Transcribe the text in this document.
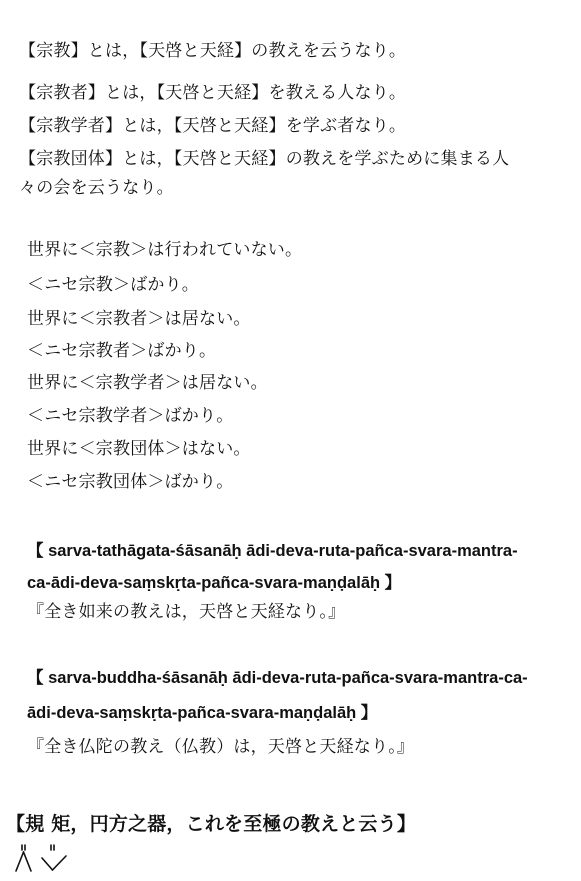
【宗教】とは，【天啓と天経】の教えを云うなり。
【宗教者】とは，【天啓と天経】を教える人なり。
【宗教学者】とは，【天啓と天経】を学ぶ者なり。
【宗教団体】とは，【天啓と天経】の教えを学ぶために集まる人
々の会を云うなり。
世界に＜宗教＞は行われていない。
＜ニセ宗教＞ばかり。
世界に＜宗教者＞は居ない。
＜ニセ宗教者＞ばかり。
世界に＜宗教学者＞は居ない。
＜ニセ宗教学者＞ばかり。
世界に＜宗教団体＞はない。
＜ニセ宗教団体＞ばかり。
【 sarva-tathāgata-śāsanāḥ ādi-deva-ruta-pañca-svara-mantra-
ca-ādi-deva-saṃskṛta-pañca-svara-maṇḍalāḥ 】
『全き如来の教えは，天啓と天経なり。』
【 sarva-buddha-śāsanāḥ ādi-deva-ruta-pañca-svara-mantra-ca-
ādi-deva-saṃskṛta-pañca-svara-maṇḍalāḥ 】
『全き仏陀の教え（仏教）は，天啓と天経なり。』
【規 矩，円方之器，これを至極の教えと云う】
